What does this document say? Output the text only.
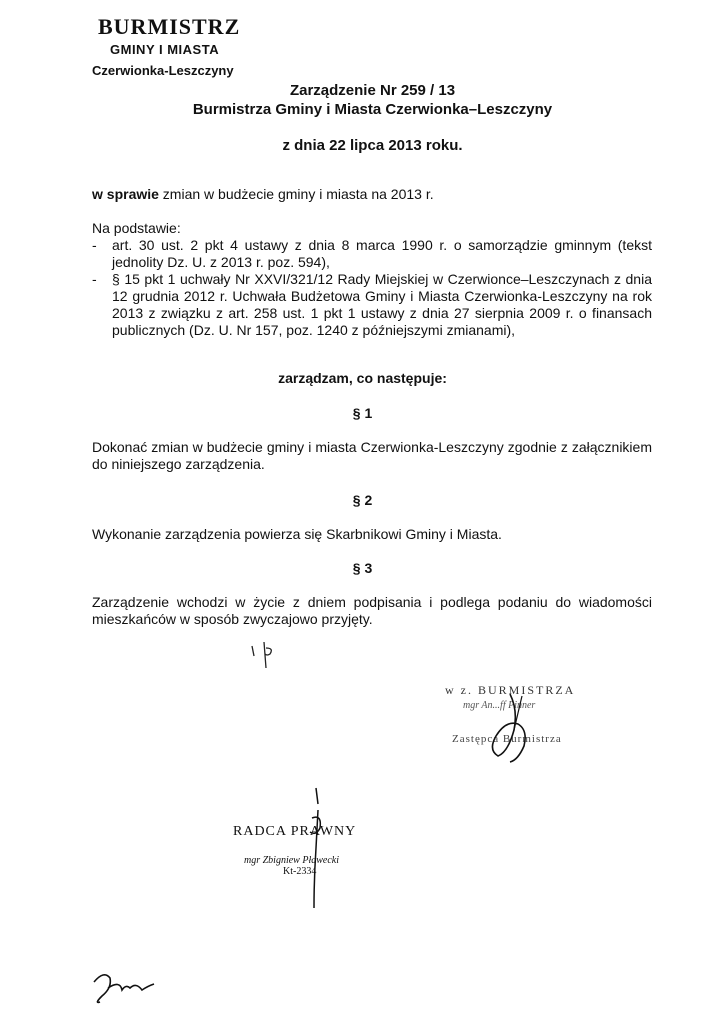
BURMISTRZ
GMINY I MIASTA
Czerwionka-Leszczyny
Zarządzenie Nr 259 / 13
Burmistrza Gminy i Miasta Czerwionka–Leszczyny
z dnia 22 lipca 2013 roku.
w sprawie zmian w budżecie gminy i miasta na 2013 r.
Na podstawie:
-	art. 30 ust. 2 pkt 4 ustawy z dnia 8 marca 1990 r. o samorządzie gminnym (tekst jednolity Dz. U. z 2013 r. poz. 594),
-	§ 15 pkt 1 uchwały Nr XXVI/321/12 Rady Miejskiej w Czerwionce–Leszczynach z dnia 12 grudnia 2012 r. Uchwała Budżetowa Gminy i Miasta Czerwionka-Leszczyny na rok 2013 z związku z art. 258 ust. 1 pkt 1 ustawy z dnia 27 sierpnia 2009 r. o finansach publicznych (Dz. U. Nr 157, poz. 1240 z późniejszymi zmianami),
zarządzam, co następuje:
§ 1
Dokonać zmian w budżecie gminy i miasta Czerwionka-Leszczyny zgodnie z załącznikiem do niniejszego zarządzenia.
§ 2
Wykonanie zarządzenia powierza się Skarbnikowi Gminy i Miasta.
§ 3
Zarządzenie wchodzi w życie z dniem podpisania i podlega podaniu do wiadomości mieszkańców w sposób zwyczajowo przyjęty.
w z. BURMISTRZA
mgr An...ff Pinner
Zastępca Burmistrza
RADCA PRAWNY
mgr Zbigniew Pławecki
Kt-2334
